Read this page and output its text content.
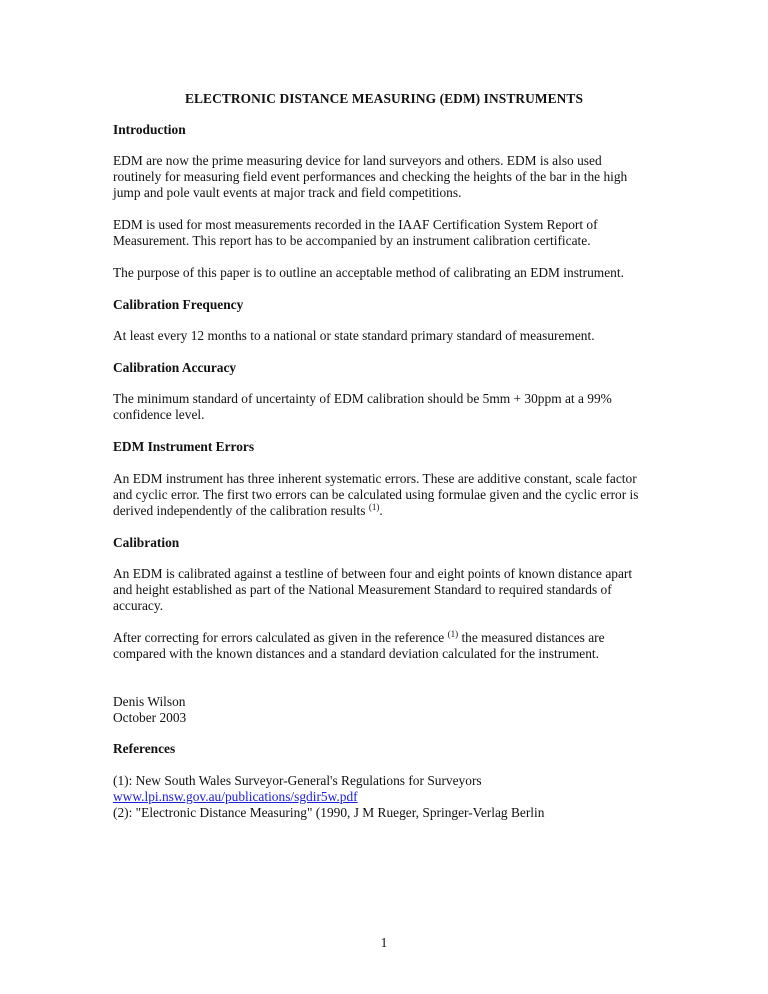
ELECTRONIC DISTANCE MEASURING (EDM) INSTRUMENTS
Introduction

EDM are now the prime measuring device for land surveyors and others. EDM is also used routinely for measuring field event performances and checking the heights of the bar in the high jump and pole vault events at major track and field competitions.

EDM is used for most measurements recorded in the IAAF Certification System Report of Measurement. This report has to be accompanied by an instrument calibration certificate.

The purpose of this paper is to outline an acceptable method of calibrating an EDM instrument.

Calibration Frequency

At least every 12 months to a national or state standard primary standard of measurement.

Calibration Accuracy

The minimum standard of uncertainty of EDM calibration should be 5mm + 30ppm at a 99% confidence level.

EDM Instrument Errors

An EDM instrument has three inherent systematic errors. These are additive constant, scale factor and cyclic error. The first two errors can be calculated using formulae given and the cyclic error is derived independently of the calibration results $^{(1)}$.

Calibration

An EDM is calibrated against a testline of between four and eight points of known distance apart and height established as part of the National Measurement Standard to required standards of accuracy.

After correcting for errors calculated as given in the reference $^{(1)}$ the measured distances are compared with the known distances and a standard deviation calculated for the instrument.

Denis Wilson
October 2003
References
(1): New South Wales Surveyor-General's Regulations for Surveyors
www.lpi.nsw.gov.au/publications/sgdir5w.pdf
(2): "Electronic Distance Measuring" (1990, J M Rueger, Springer-Verlag Berlin
1
